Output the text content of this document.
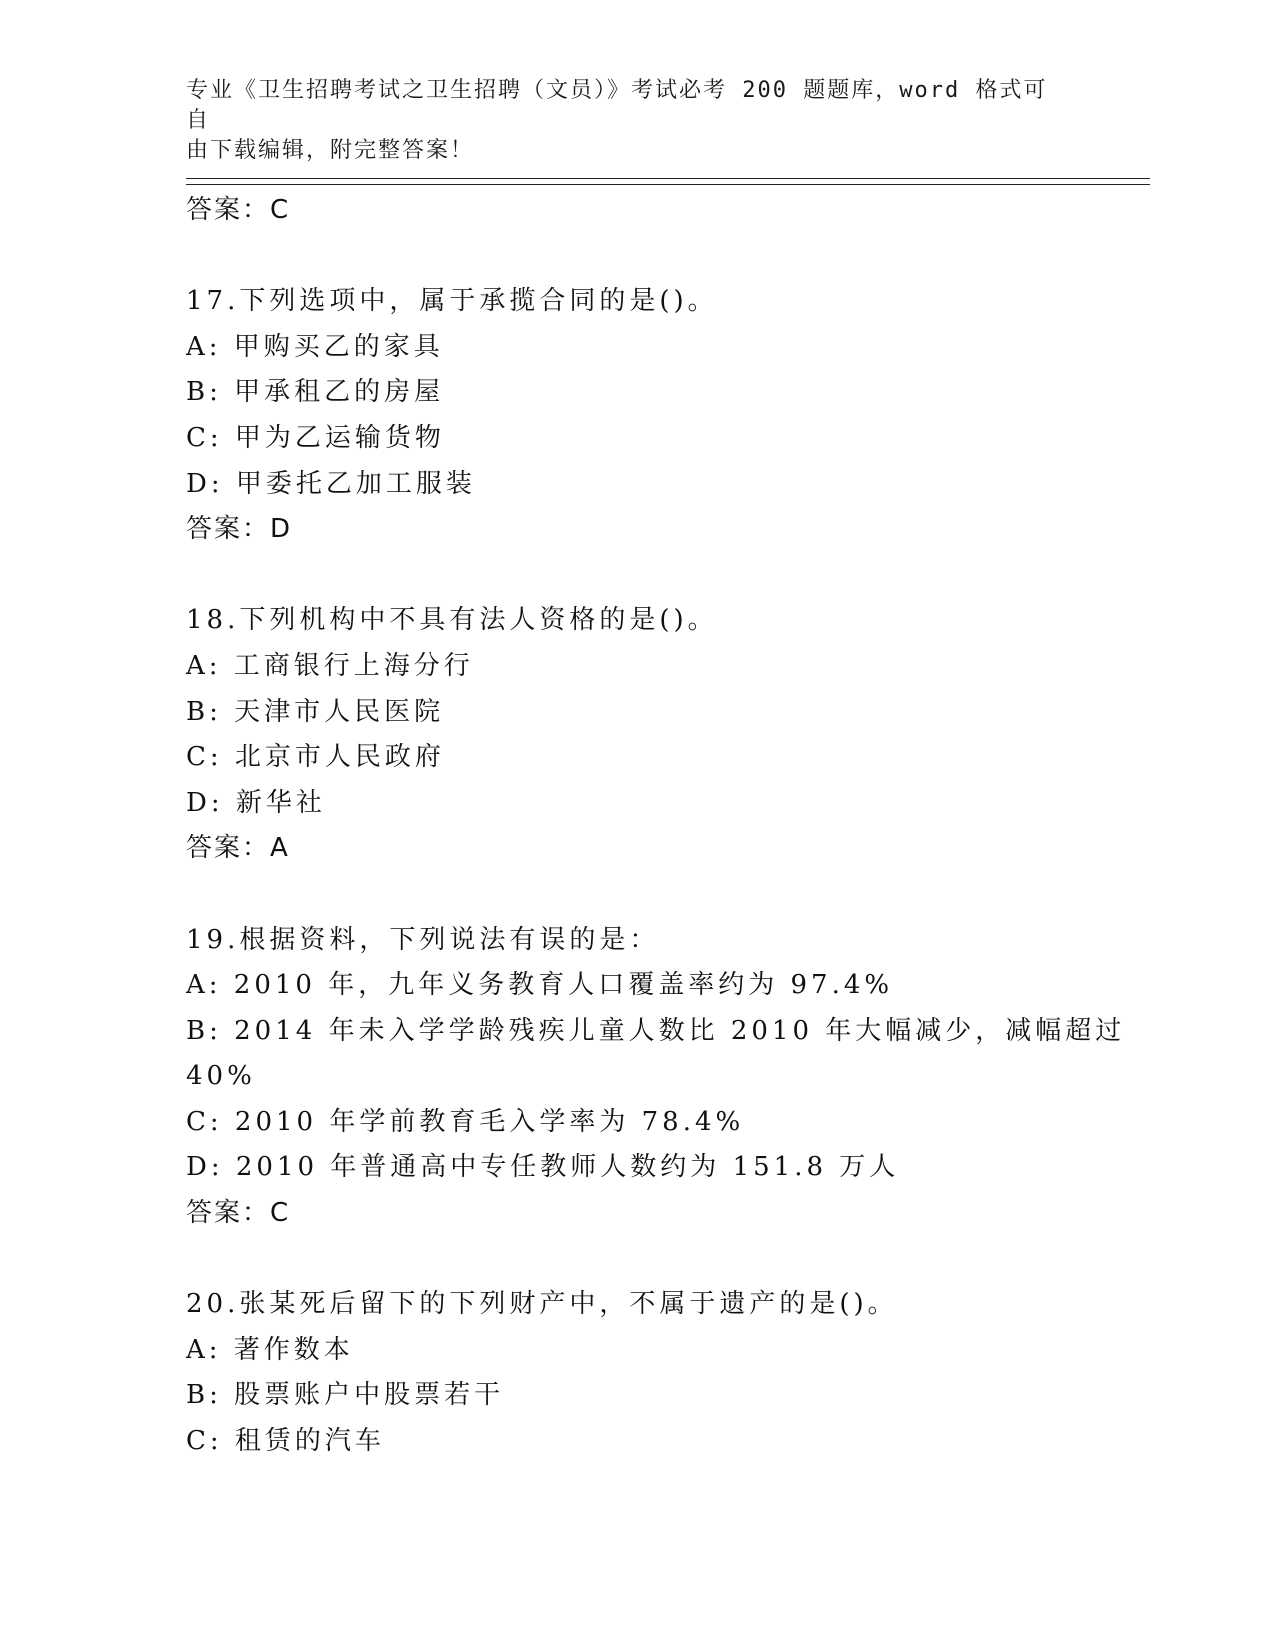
专业《卫生招聘考试之卫生招聘（文员）》考试必考 200 题题库，word 格式可自
由下载编辑，附完整答案！
答案：C
17.下列选项中，属于承揽合同的是()。
A: 甲购买乙的家具
B: 甲承租乙的房屋
C: 甲为乙运输货物
D: 甲委托乙加工服装
答案：D
18.下列机构中不具有法人资格的是()。
A: 工商银行上海分行
B: 天津市人民医院
C: 北京市人民政府
D: 新华社
答案：A
19.根据资料，下列说法有误的是：
A: 2010 年，九年义务教育人口覆盖率约为 97.4%
B: 2014 年未入学学龄残疾儿童人数比 2010 年大幅减少，减幅超过
40%
C: 2010 年学前教育毛入学率为 78.4%
D: 2010 年普通高中专任教师人数约为 151.8 万人
答案：C
20.张某死后留下的下列财产中，不属于遗产的是()。
A: 著作数本
B: 股票账户中股票若干
C: 租赁的汽车
